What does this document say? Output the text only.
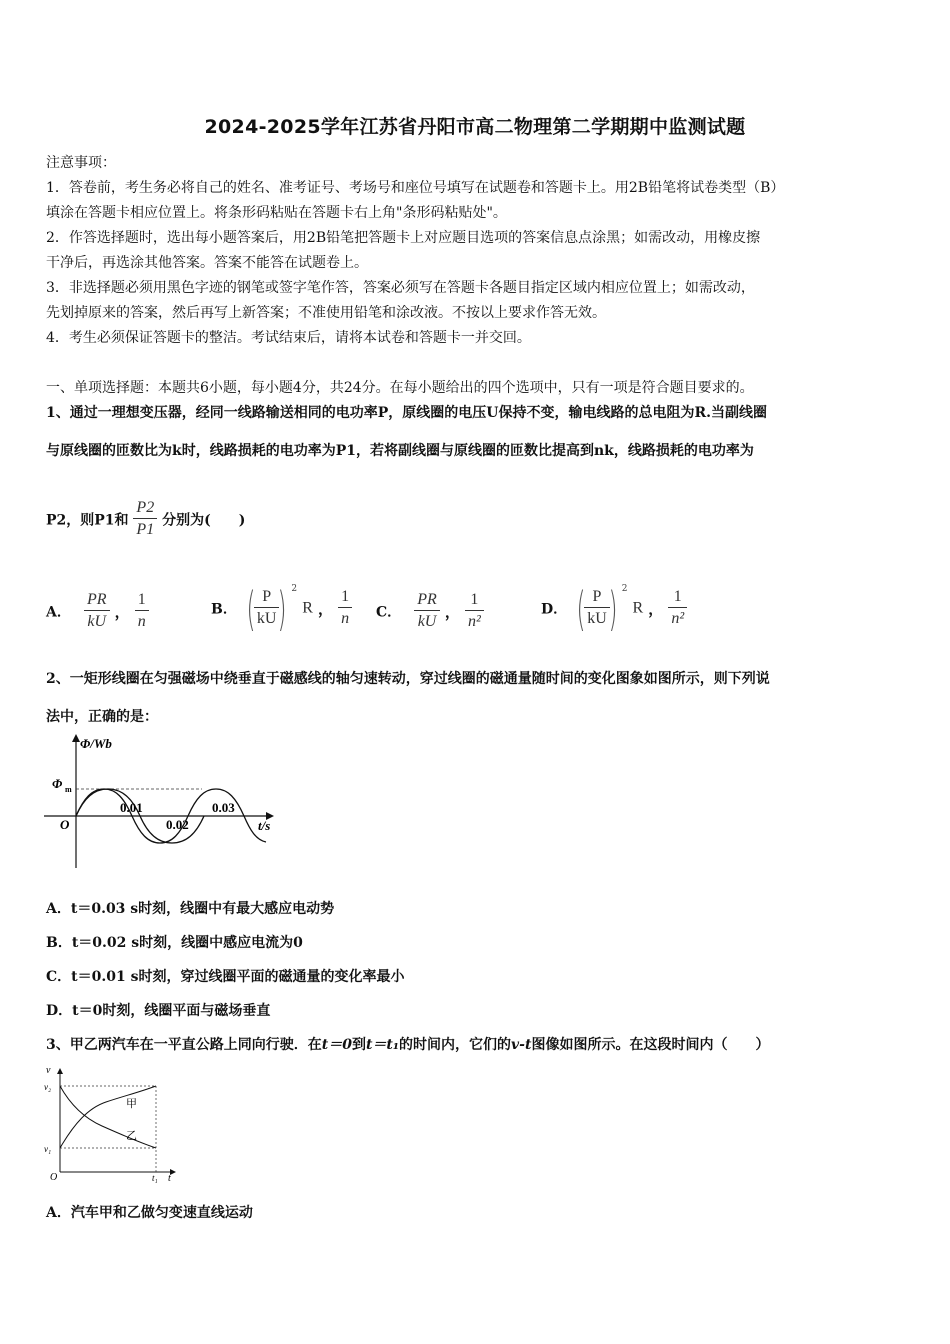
2024-2025学年江苏省丹阳市高二物理第二学期期中监测试题
注意事项：
1．答卷前，考生务必将自己的姓名、准考证号、考场号和座位号填写在试题卷和答题卡上。用2B铅笔将试卷类型（B）
填涂在答题卡相应位置上。将条形码粘贴在答题卡右上角"条形码粘贴处"。
2．作答选择题时，选出每小题答案后，用2B铅笔把答题卡上对应题目选项的答案信息点涂黑；如需改动，用橡皮擦
干净后，再选涂其他答案。答案不能答在试题卷上。
3．非选择题必须用黑色字迹的钢笔或签字笔作答，答案必须写在答题卡各题目指定区域内相应位置上；如需改动，
先划掉原来的答案，然后再写上新答案；不准使用铅笔和涂改液。不按以上要求作答无效。
4．考生必须保证答题卡的整洁。考试结束后，请将本试卷和答题卡一并交回。
一、单项选择题：本题共6小题，每小题4分，共24分。在每小题给出的四个选项中，只有一项是符合题目要求的。
1、通过一理想变压器，经同一线路输送相同的电功率P，原线圈的电压U保持不变，输电线路的总电阻为R.当副线圈
与原线圈的匝数比为k时，线路损耗的电功率为P1，若将副线圈与原线圈的匝数比提高到nk，线路损耗的电功率为
P2，则P1和 $\frac{P2}{P1}$ 分别为(　　)
A． $\frac{PR}{kU}$ ， $\frac{1}{n}$	B． (
$\frac{P}{kU}$
) $^2$ R ， $\frac{1}{n}$ C． $\frac{PR}{kU}$ ， $\frac{1}{\text{n²}}$	D． (
$\frac{P}{kU}$
) $^2$ R ， $\frac{1}{\text{n²}}$
2、一矩形线圈在匀强磁场中绕垂直于磁感线的轴匀速转动，穿过线圈的磁通量随时间的变化图象如图所示，则下列说
法中，正确的是：
Φ/Wb
Φ m
O
0.01
0.02
0.03
t/s
A．t＝0.03 s时刻，线圈中有最大感应电动势
B．t＝0.02 s时刻，线圈中感应电流为0
C．t＝0.01 s时刻，穿过线圈平面的磁通量的变化率最小
D．t＝0时刻，线圈平面与磁场垂直
3、甲乙两汽车在一平直公路上同向行驶．在t＝0到t＝t₁的时间内，它们的v-t图像如图所示。在这段时间内（　　）
v
v₂
v₁
O	t₁ t
甲
乙
A．汽车甲和乙做匀变速直线运动
